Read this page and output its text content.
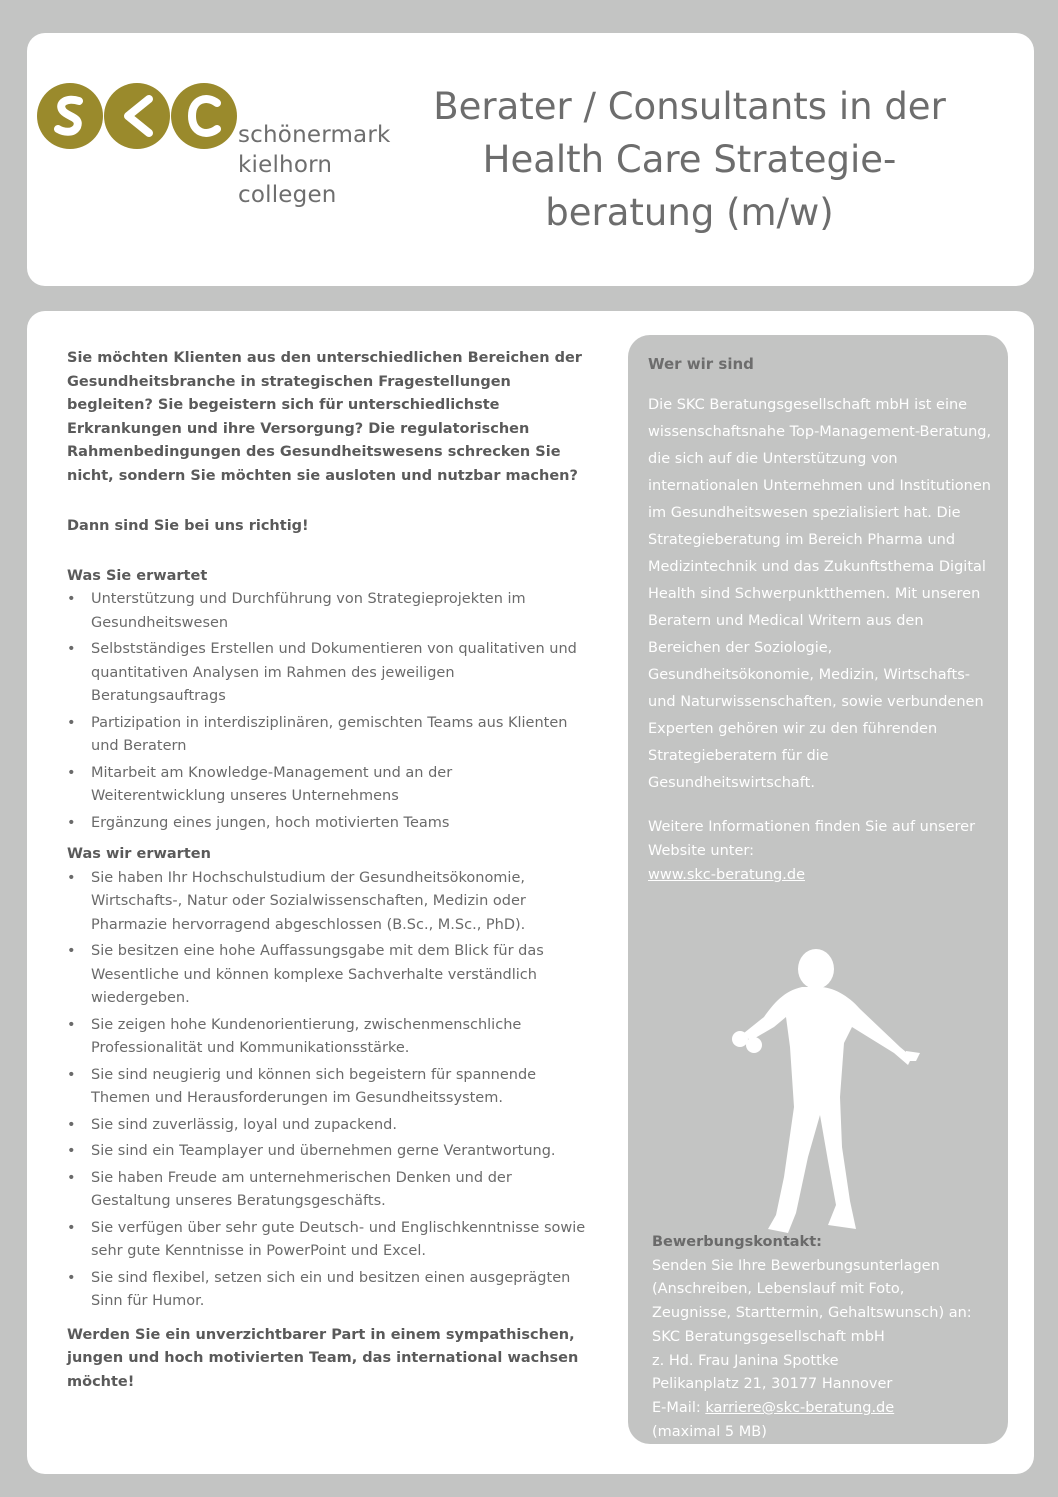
schönermark
kielhorn
collegen
Berater / Consultants in der
Health Care Strategie-
beratung (m/w)

Sie möchten Klienten aus den unterschiedlichen Bereichen der Gesundheitsbranche in strategischen Fragestellungen begleiten? Sie begeistern sich für unterschiedlichste Erkrankungen und ihre Versorgung? Die regulatorischen Rahmenbedingungen des Gesundheitswesens schrecken Sie nicht, sondern Sie möchten sie ausloten und nutzbar machen?

Dann sind Sie bei uns richtig!

Was Sie erwartet

• Unterstützung und Durchführung von Strategieprojekten im Gesundheitswesen
• Selbstständiges Erstellen und Dokumentieren von qualitativen und quantitativen Analysen im Rahmen des jeweiligen Beratungsauftrags
• Partizipation in interdisziplinären, gemischten Teams aus Klienten und Beratern
• Mitarbeit am Knowledge-Management und an der Weiterentwicklung unseres Unternehmens
• Ergänzung eines jungen, hoch motivierten Teams

Was wir erwarten

• Sie haben Ihr Hochschulstudium der Gesundheitsökonomie, Wirtschafts-, Natur oder Sozialwissenschaften, Medizin oder Pharmazie hervorragend abgeschlossen (B.Sc., M.Sc., PhD).
• Sie besitzen eine hohe Auffassungsgabe mit dem Blick für das Wesentliche und können komplexe Sachverhalte verständlich wiedergeben.
• Sie zeigen hohe Kundenorientierung, zwischenmenschliche Professionalität und Kommunikationsstärke.
• Sie sind neugierig und können sich begeistern für spannende Themen und Herausforderungen im Gesundheitssystem.
• Sie sind zuverlässig, loyal und zupackend.
• Sie sind ein Teamplayer und übernehmen gerne Verantwortung.
• Sie haben Freude am unternehmerischen Denken und der Gestaltung unseres Beratungsgeschäfts.
• Sie verfügen über sehr gute Deutsch- und Englischkenntnisse sowie sehr gute Kenntnisse in PowerPoint und Excel.
• Sie sind flexibel, setzen sich ein und besitzen einen ausgeprägten Sinn für Humor.

Werden Sie ein unverzichtbarer Part in einem sympathischen, jungen und hoch motivierten Team, das international wachsen möchte!

Wer wir sind

Die SKC Beratungsgesellschaft mbH ist eine wissenschaftsnahe Top-Management-Beratung, die sich auf die Unterstützung von internationalen Unternehmen und Institutionen im Gesundheitswesen spezialisiert hat. Die Strategieberatung im Bereich Pharma und Medizintechnik und das Zukunftsthema Digital Health sind Schwerpunktthemen. Mit unseren Beratern und Medical Writern aus den Bereichen der Soziologie, Gesundheitsökonomie, Medizin, Wirtschafts- und Naturwissenschaften, sowie verbundenen Experten gehören wir zu den führenden Strategieberatern für die Gesundheitswirtschaft.

Weitere Informationen finden Sie auf unserer Website unter:
www.skc-beratung.de

Bewerbungskontakt:
Senden Sie Ihre Bewerbungsunterlagen
(Anschreiben, Lebenslauf mit Foto,
Zeugnisse, Starttermin, Gehaltswunsch) an:
SKC Beratungsgesellschaft mbH
z. Hd. Frau Janina Spottke
Pelikanplatz 21, 30177 Hannover
E-Mail: karriere@skc-beratung.de
(maximal 5 MB)
